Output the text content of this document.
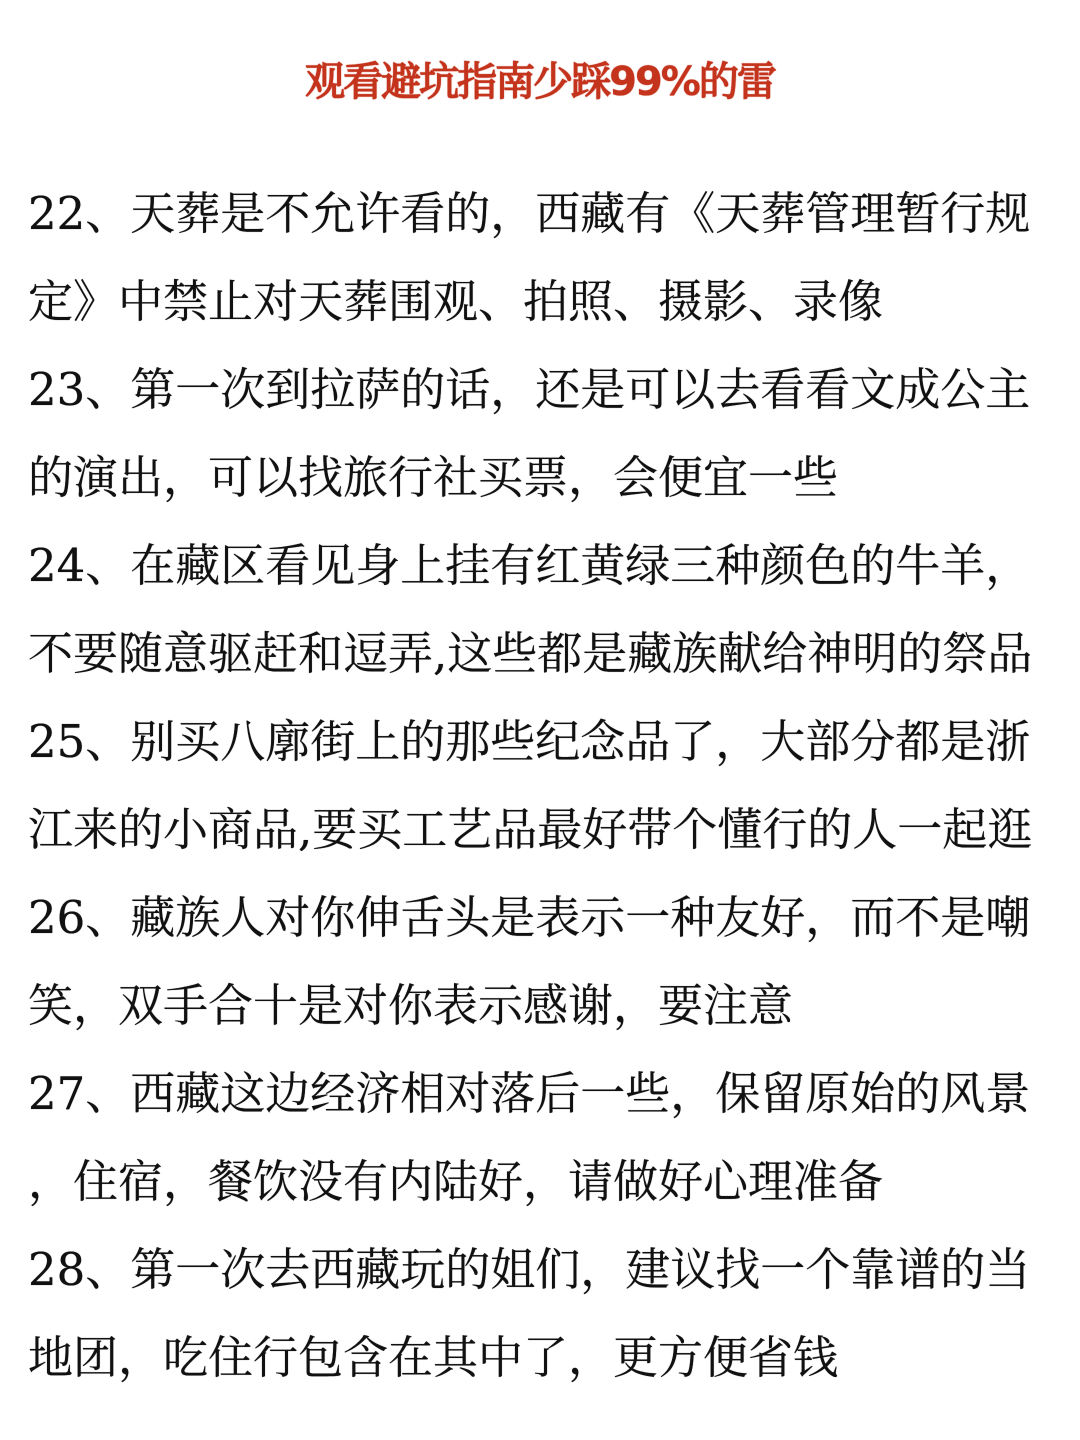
观看避坑指南少踩99%的雷
22、天葬是不允许看的，西藏有《天葬管理暂行规
定》中禁止对天葬围观、拍照、摄影、录像
23、第一次到拉萨的话，还是可以去看看文成公主
的演出，可以找旅行社买票，会便宜一些
24、在藏区看见身上挂有红黄绿三种颜色的牛羊，
不要随意驱赶和逗弄,这些都是藏族献给神明的祭品
25、别买八廓街上的那些纪念品了，大部分都是浙
江来的小商品,要买工艺品最好带个懂行的人一起逛
26、藏族人对你伸舌头是表示一种友好，而不是嘲
笑，双手合十是对你表示感谢，要注意
27、西藏这边经济相对落后一些，保留原始的风景
，住宿，餐饮没有内陆好，请做好心理准备
28、第一次去西藏玩的姐们，建议找一个靠谱的当
地团，吃住行包含在其中了，更方便省钱
